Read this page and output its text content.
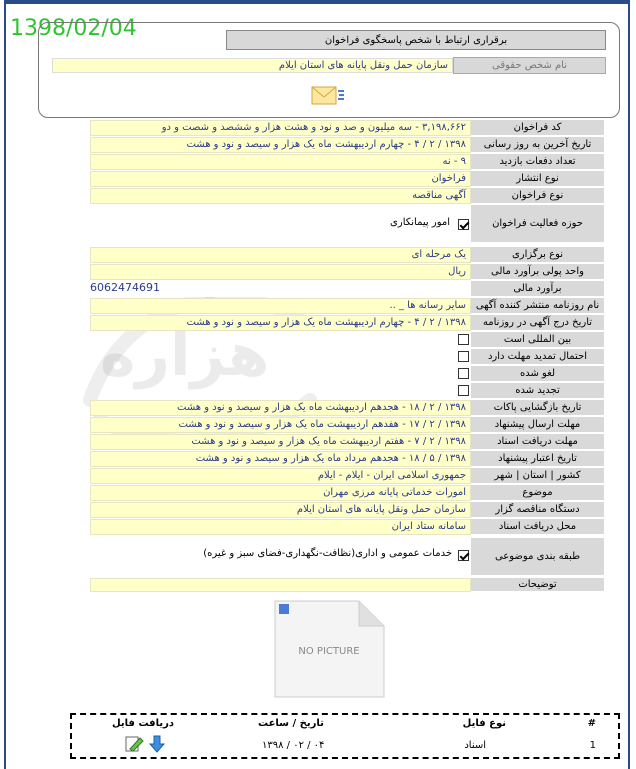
هزاره
1398/02/04	برقراری ارتباط با شخص پاسخگوی فراخوان
نام شخص حقوقی
سازمان حمل ونقل پایانه های استان ایلام
کد فراخوان
۳,۱۹۸,۶۶۲ - سه میلیون و صد و نود و هشت هزار و ششصد و شصت و دو
تاریخ آخرین به روز رسانی
۱۳۹۸ / ۲ / ۴ - چهارم اردیبهشت ماه یک هزار و سیصد و نود و هشت
تعداد دفعات بازدید
۹ - نه
نوع انتشار
فراخوان
نوع فراخوان
آگهی مناقصه
نوع برگزاری
یک مرحله ای
واحد پولی برآورد مالی
ریال
برآورد مالی
6062474691
نام روزنامه منتشر کننده آگهی
سایر رسانه ها _ ..
تاریخ درج آگهی در روزنامه
۱۳۹۸ / ۲ / ۴ - چهارم اردیبهشت ماه یک هزار و سیصد و نود و هشت
بین المللی است
احتمال تمدید مهلت دارد
لغو شده
تجدید شده
تاریخ بازگشایی پاکات
۱۳۹۸ / ۲ / ۱۸ - هجدهم اردیبهشت ماه یک هزار و سیصد و نود و هشت
مهلت ارسال پیشنهاد
۱۳۹۸ / ۲ / ۱۷ - هفدهم اردیبهشت ماه یک هزار و سیصد و نود و هشت
مهلت دریافت اسناد
۱۳۹۸ / ۲ / ۷ - هفتم اردیبهشت ماه یک هزار و سیصد و نود و هشت
تاریخ اعتبار پیشنهاد
۱۳۹۸ / ۵ / ۱۸ - هجدهم مرداد ماه یک هزار و سیصد و نود و هشت
کشور | استان | شهر
جمهوری اسلامی ایران - ایلام - ایلام
موضوع
امورات خدماتی پایانه مرزی مهران
دستگاه مناقصه گزار
سازمان حمل ونقل پایانه های استان ایلام
محل دریافت اسناد
سامانه ستاد ایران
حوزه فعالیت فراخوان
امور پیمانکاری
طبقه بندی موضوعی
خدمات عمومی و اداری(نظافت-نگهداری-فضای سبز و غیره)
توضیحات
NO PICTURE
#
نوع فایل
تاریخ / ساعت
دریافت فایل
1
اسناد
۱۳۹۸ / ۰۲ / ۰۴
